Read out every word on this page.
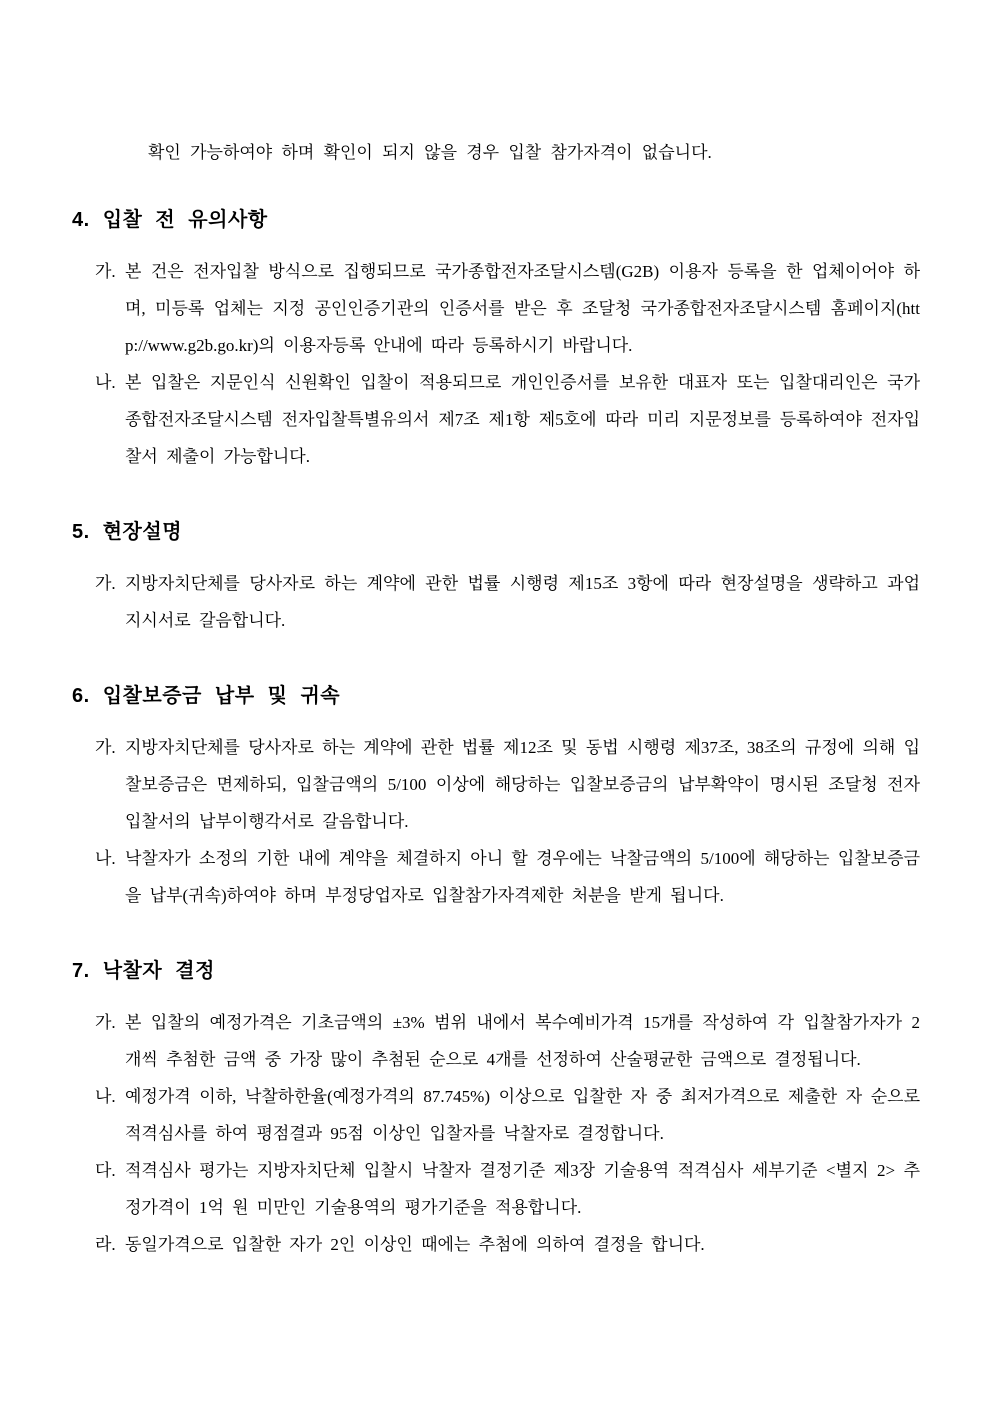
확인 가능하여야 하며 확인이 되지 않을 경우 입찰 참가자격이 없습니다.

4. 입찰 전 유의사항
가. 본 건은 전자입찰 방식으로 집행되므로 국가종합전자조달시스템(G2B) 이용자 등록을 한 업체이어야 하며, 미등록 업체는 지정 공인인증기관의 인증서를 받은 후 조달청 국가종합전자조달시스템 홈페이지(http://www.g2b.go.kr)의 이용자등록 안내에 따라 등록하시기 바랍니다.

나. 본 입찰은 지문인식 신원확인 입찰이 적용되므로 개인인증서를 보유한 대표자 또는 입찰대리인은 국가종합전자조달시스템 전자입찰특별유의서 제7조 제1항 제5호에 따라 미리 지문정보를 등록하여야 전자입찰서 제출이 가능합니다.

5. 현장설명
가. 지방자치단체를 당사자로 하는 계약에 관한 법률 시행령 제15조 3항에 따라 현장설명을 생략하고 과업지시서로 갈음합니다.

6. 입찰보증금 납부 및 귀속
가. 지방자치단체를 당사자로 하는 계약에 관한 법률 제12조 및 동법 시행령 제37조, 38조의 규정에 의해 입찰보증금은 면제하되, 입찰금액의 5/100 이상에 해당하는 입찰보증금의 납부확약이 명시된 조달청 전자입찰서의 납부이행각서로 갈음합니다.

나. 낙찰자가 소정의 기한 내에 계약을 체결하지 아니 할 경우에는 낙찰금액의 5/100에 해당하는 입찰보증금을 납부(귀속)하여야 하며 부정당업자로 입찰참가자격제한 처분을 받게 됩니다.

7. 낙찰자 결정
가. 본 입찰의 예정가격은 기초금액의 ±3% 범위 내에서 복수예비가격 15개를 작성하여 각 입찰참가자가 2개씩 추첨한 금액 중 가장 많이 추첨된 순으로 4개를 선정하여 산술평균한 금액으로 결정됩니다.

나. 예정가격 이하, 낙찰하한율(예정가격의 87.745%) 이상으로 입찰한 자 중 최저가격으로 제출한 자 순으로 적격심사를 하여 평점결과 95점 이상인 입찰자를 낙찰자로 결정합니다.

다. 적격심사 평가는 지방자치단체 입찰시 낙찰자 결정기준 제3장 기술용역 적격심사 세부기준 <별지 2> 추정가격이 1억 원 미만인 기술용역의 평가기준을 적용합니다.

라. 동일가격으로 입찰한 자가 2인 이상인 때에는 추첨에 의하여 결정을 합니다.
